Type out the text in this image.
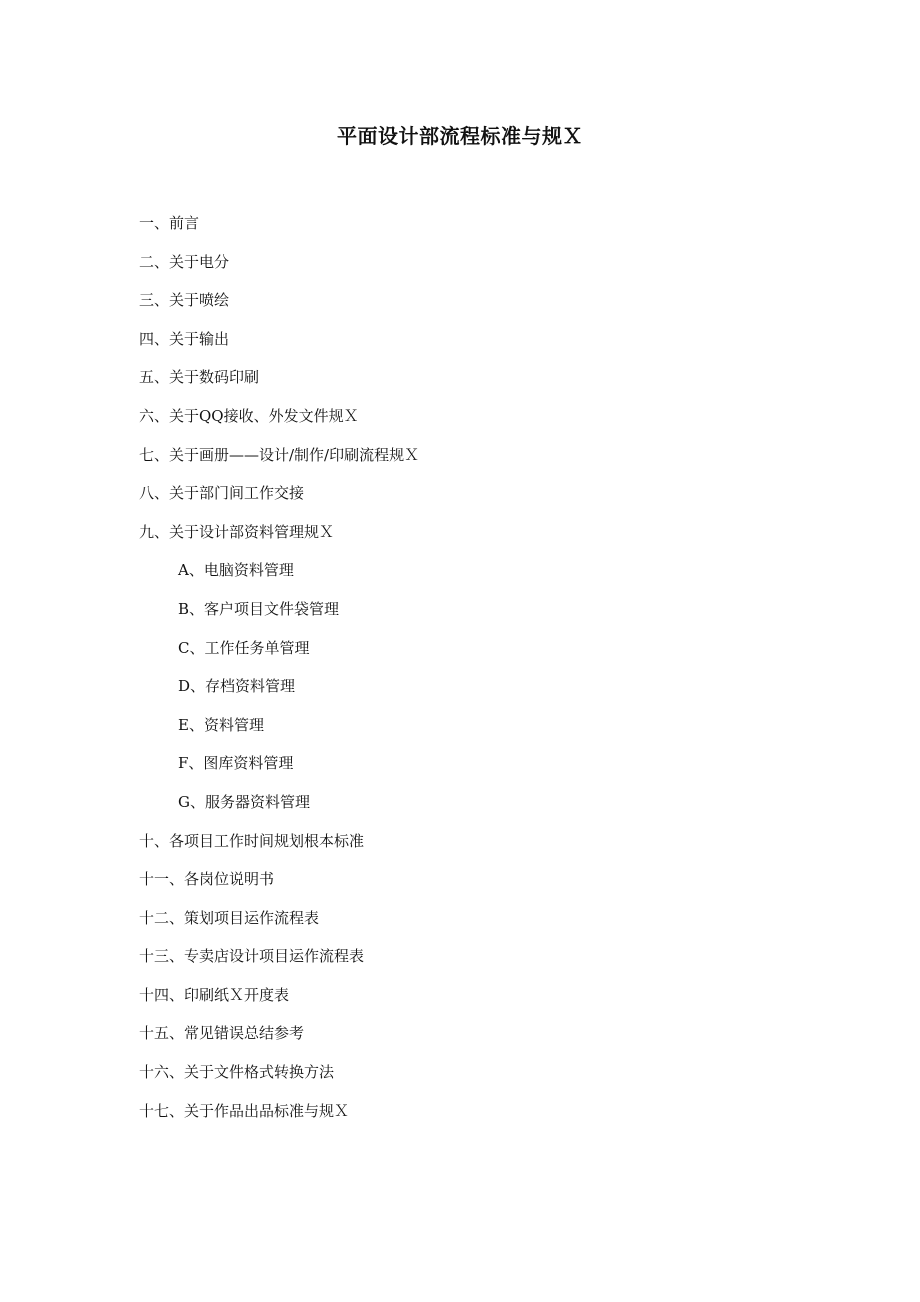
平面设计部流程标准与规Ｘ
一、前言
二、关于电分
三、关于喷绘
四、关于输出
五、关于数码印刷
六、关于QQ接收、外发文件规Ｘ
七、关于画册——设计/制作/印刷流程规Ｘ
八、关于部门间工作交接
九、关于设计部资料管理规Ｘ
A、电脑资料管理
B、客户项目文件袋管理
C、工作任务单管理
D、存档资料管理
E、资料管理
F、图库资料管理
G、服务器资料管理
十、各项目工作时间规划根本标准
十一、各岗位说明书
十二、策划项目运作流程表
十三、专卖店设计项目运作流程表
十四、印刷纸Ｘ开度表
十五、常见错误总结参考
十六、关于文件格式转换方法
十七、关于作品出品标准与规Ｘ
